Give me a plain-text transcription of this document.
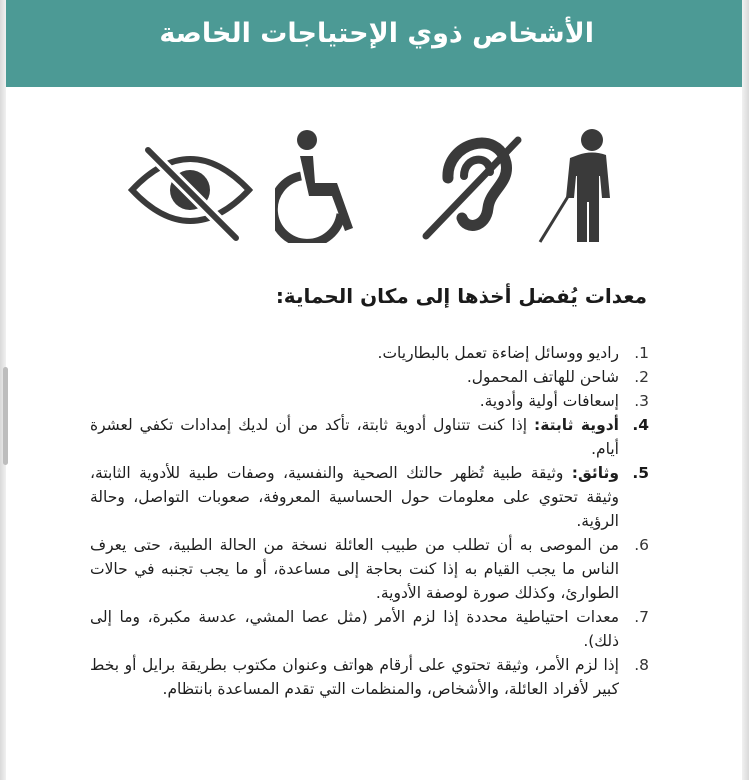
الأشخاص ذوي الإحتياجات الخاصة
معدات يُفضل أخذها إلى مكان الحماية:
.1
راديو ووسائل إضاءة تعمل بالبطاريات.
.2
شاحن للهاتف المحمول.
.3
إسعافات أولية وأدوية.
.4
أدوية ثابتة: إذا كنت تتناول أدوية ثابتة، تأكد من أن لديك إمدادات تكفي لعشرة أيام.
.5
وثائق: وثيقة طبية تُظهر حالتك الصحية والنفسية، وصفات طبية للأدوية الثابتة، وثيقة تحتوي على معلومات حول الحساسية المعروفة، صعوبات التواصل، وحالة الرؤية.
.6
من الموصى به أن تطلب من طبيب العائلة نسخة من الحالة الطبية، حتى يعرف الناس ما يجب القيام به إذا كنت بحاجة إلى مساعدة، أو ما يجب تجنبه في حالات الطوارئ، وكذلك صورة لوصفة الأدوية.
.7
معدات احتياطية محددة إذا لزم الأمر (مثل عصا المشي، عدسة مكبرة، وما إلى ذلك).
.8
إذا لزم الأمر، وثيقة تحتوي على أرقام هواتف وعنوان مكتوب بطريقة برايل أو بخط كبير لأفراد العائلة، والأشخاص، والمنظمات التي تقدم المساعدة بانتظام.
